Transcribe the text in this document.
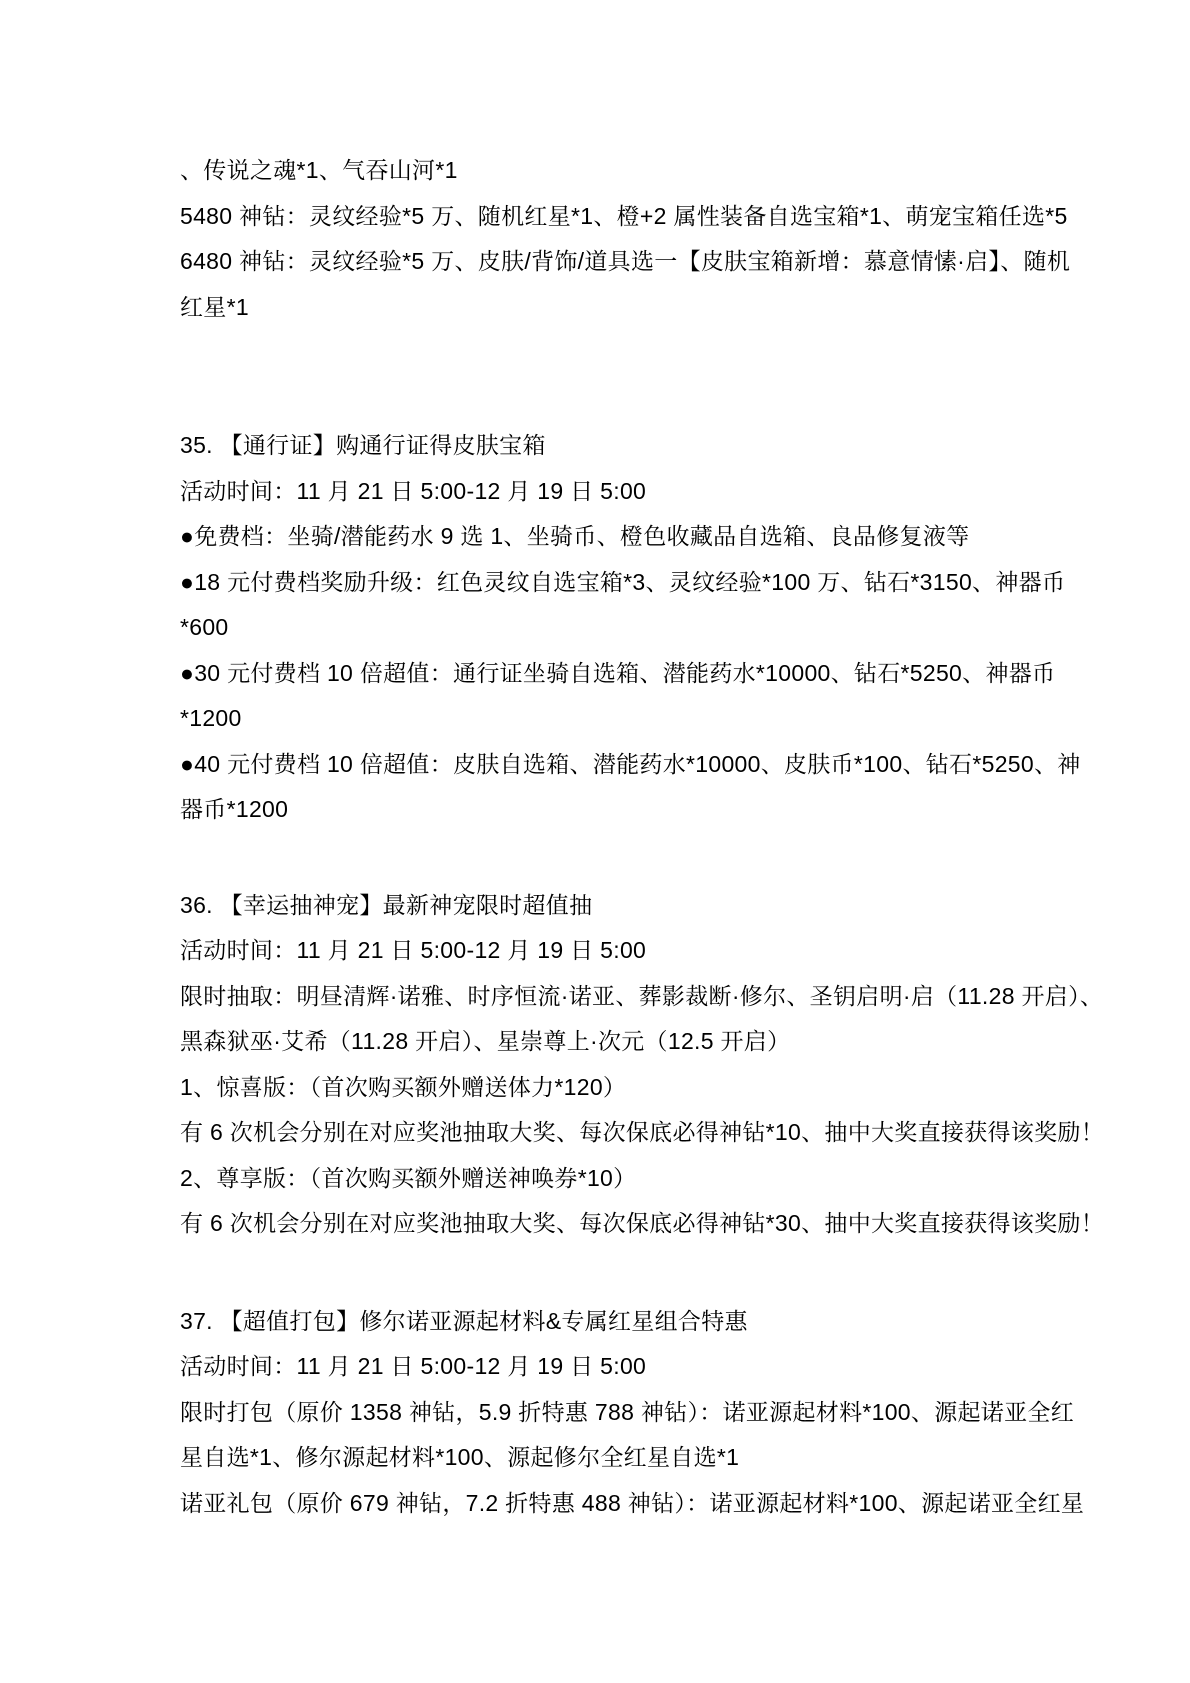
、传说之魂*1、气吞山河*1
5480 神钻：灵纹经验*5 万、随机红星*1、橙+2 属性装备自选宝箱*1、萌宠宝箱任选*5
6480 神钻：灵纹经验*5 万、皮肤/背饰/道具选一【皮肤宝箱新增：慕意情愫·启】、随机
红星*1
35. 【通行证】购通行证得皮肤宝箱
活动时间：11 月 21 日 5:00-12 月 19 日 5:00
●免费档：坐骑/潜能药水 9 选 1、坐骑币、橙色收藏品自选箱、良品修复液等
●18 元付费档奖励升级：红色灵纹自选宝箱*3、灵纹经验*100 万、钻石*3150、神器币
*600
●30 元付费档 10 倍超值：通行证坐骑自选箱、潜能药水*10000、钻石*5250、神器币
*1200
●40 元付费档 10 倍超值：皮肤自选箱、潜能药水*10000、皮肤币*100、钻石*5250、神
器币*1200
36. 【幸运抽神宠】最新神宠限时超值抽
活动时间：11 月 21 日 5:00-12 月 19 日 5:00
限时抽取：明昼清辉·诺雅、时序恒流·诺亚、葬影裁断·修尔、圣钥启明·启（11.28 开启）、
黑森狱巫·艾希（11.28 开启）、星崇尊上·次元（12.5 开启）
1、惊喜版：（首次购买额外赠送体力*120）
有 6 次机会分别在对应奖池抽取大奖、每次保底必得神钻*10、抽中大奖直接获得该奖励！
2、尊享版：（首次购买额外赠送神唤券*10）
有 6 次机会分别在对应奖池抽取大奖、每次保底必得神钻*30、抽中大奖直接获得该奖励！
37. 【超值打包】修尔诺亚源起材料&专属红星组合特惠
活动时间：11 月 21 日 5:00-12 月 19 日 5:00
限时打包（原价 1358 神钻，5.9 折特惠 788 神钻）：诺亚源起材料*100、源起诺亚全红
星自选*1、修尔源起材料*100、源起修尔全红星自选*1
诺亚礼包（原价 679 神钻，7.2 折特惠 488 神钻）：诺亚源起材料*100、源起诺亚全红星
